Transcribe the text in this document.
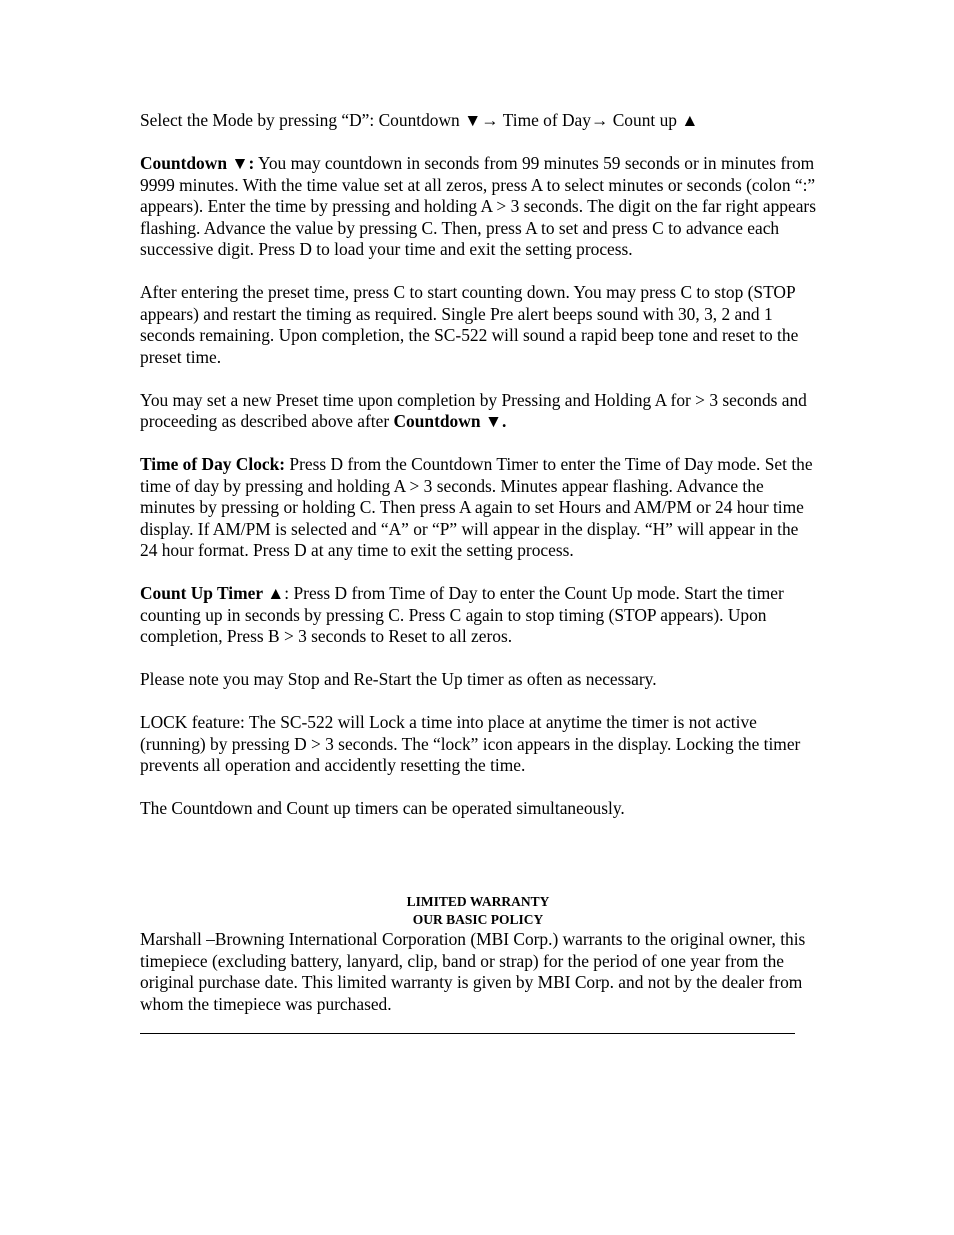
Select the Mode by pressing “D”: Countdown ▼→ Time of Day→ Count up ▲

Countdown ▼: You may countdown in seconds from 99 minutes 59 seconds or in minutes from 9999 minutes. With the time value set at all zeros, press A to select minutes or seconds (colon “:” appears). Enter the time by pressing and holding A > 3 seconds. The digit on the far right appears flashing. Advance the value by pressing C. Then, press A to set and press C to advance each successive digit. Press D to load your time and exit the setting process.

After entering the preset time, press C to start counting down. You may press C to stop (STOP appears) and restart the timing as required. Single Pre alert beeps sound with 30, 3, 2 and 1 seconds remaining. Upon completion, the SC-522 will sound a rapid beep tone and reset to the preset time.

You may set a new Preset time upon completion by Pressing and Holding A for > 3 seconds and proceeding as described above after Countdown ▼.

Time of Day Clock: Press D from the Countdown Timer to enter the Time of Day mode. Set the time of day by pressing and holding A > 3 seconds. Minutes appear flashing. Advance the minutes by pressing or holding C. Then press A again to set Hours and AM/PM or 24 hour time display. If AM/PM is selected and “A” or “P” will appear in the display. “H” will appear in the 24 hour format. Press D at any time to exit the setting process.

Count Up Timer ▲: Press D from Time of Day to enter the Count Up mode. Start the timer counting up in seconds by pressing C. Press C again to stop timing (STOP appears). Upon completion, Press B > 3 seconds to Reset to all zeros.

Please note you may Stop and Re-Start the Up timer as often as necessary.

LOCK feature: The SC-522 will Lock a time into place at anytime the timer is not active (running) by pressing D > 3 seconds. The “lock” icon appears in the display. Locking the timer prevents all operation and accidently resetting the time.

The Countdown and Count up timers can be operated simultaneously.

LIMITED WARRANTY
OUR BASIC POLICY

Marshall –Browning International Corporation (MBI Corp.) warrants to the original owner, this timepiece (excluding battery, lanyard, clip, band or strap) for the period of one year from the original purchase date. This limited warranty is given by MBI Corp. and not by the dealer from whom the timepiece was purchased.
